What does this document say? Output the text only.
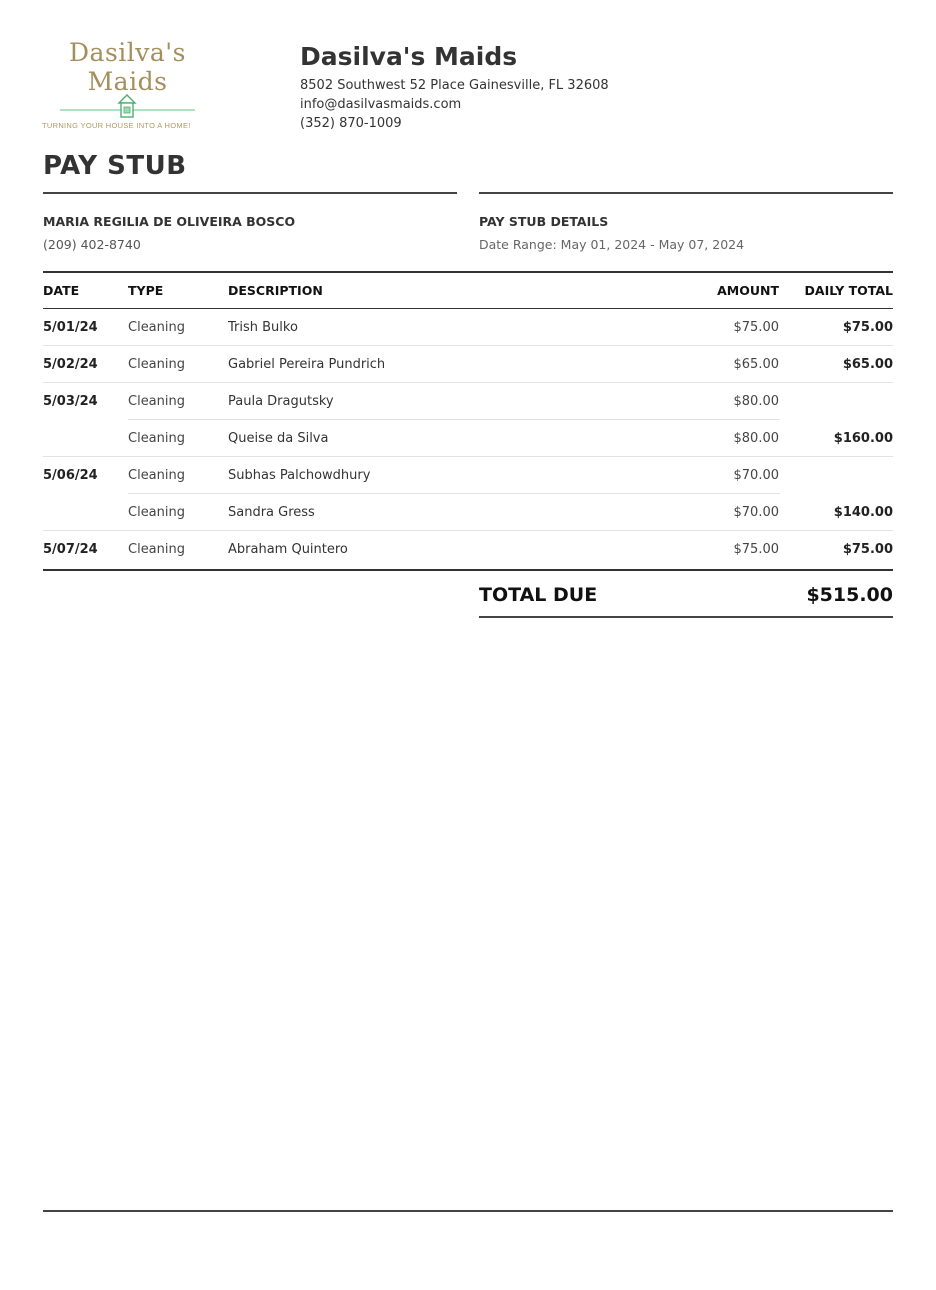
Dasilva's
Maids
TURNING YOUR HOUSE INTO A HOME!
Dasilva's Maids
8502 Southwest 52 Place Gainesville, FL 32608
info@dasilvasmaids.com
(352) 870-1009
PAY STUB
MARIA REGILIA DE OLIVEIRA BOSCO
(209) 402-8740
PAY STUB DETAILS
Date Range: May 01, 2024 - May 07, 2024
DATE	TYPE	DESCRIPTION	AMOUNT DAILY TOTAL
5/01/24 Cleaning	Trish Bulko	$75.00	$75.00
5/02/24 Cleaning	Gabriel Pereira Pundrich	$65.00	$65.00
5/03/24 Cleaning	Paula Dragutsky	$80.00
Cleaning	Queise da Silva	$80.00	$160.00
5/06/24 Cleaning	Subhas Palchowdhury	$70.00
Cleaning	Sandra Gress	$70.00	$140.00
5/07/24 Cleaning	Abraham Quintero	$75.00	$75.00
TOTAL DUE	$515.00
